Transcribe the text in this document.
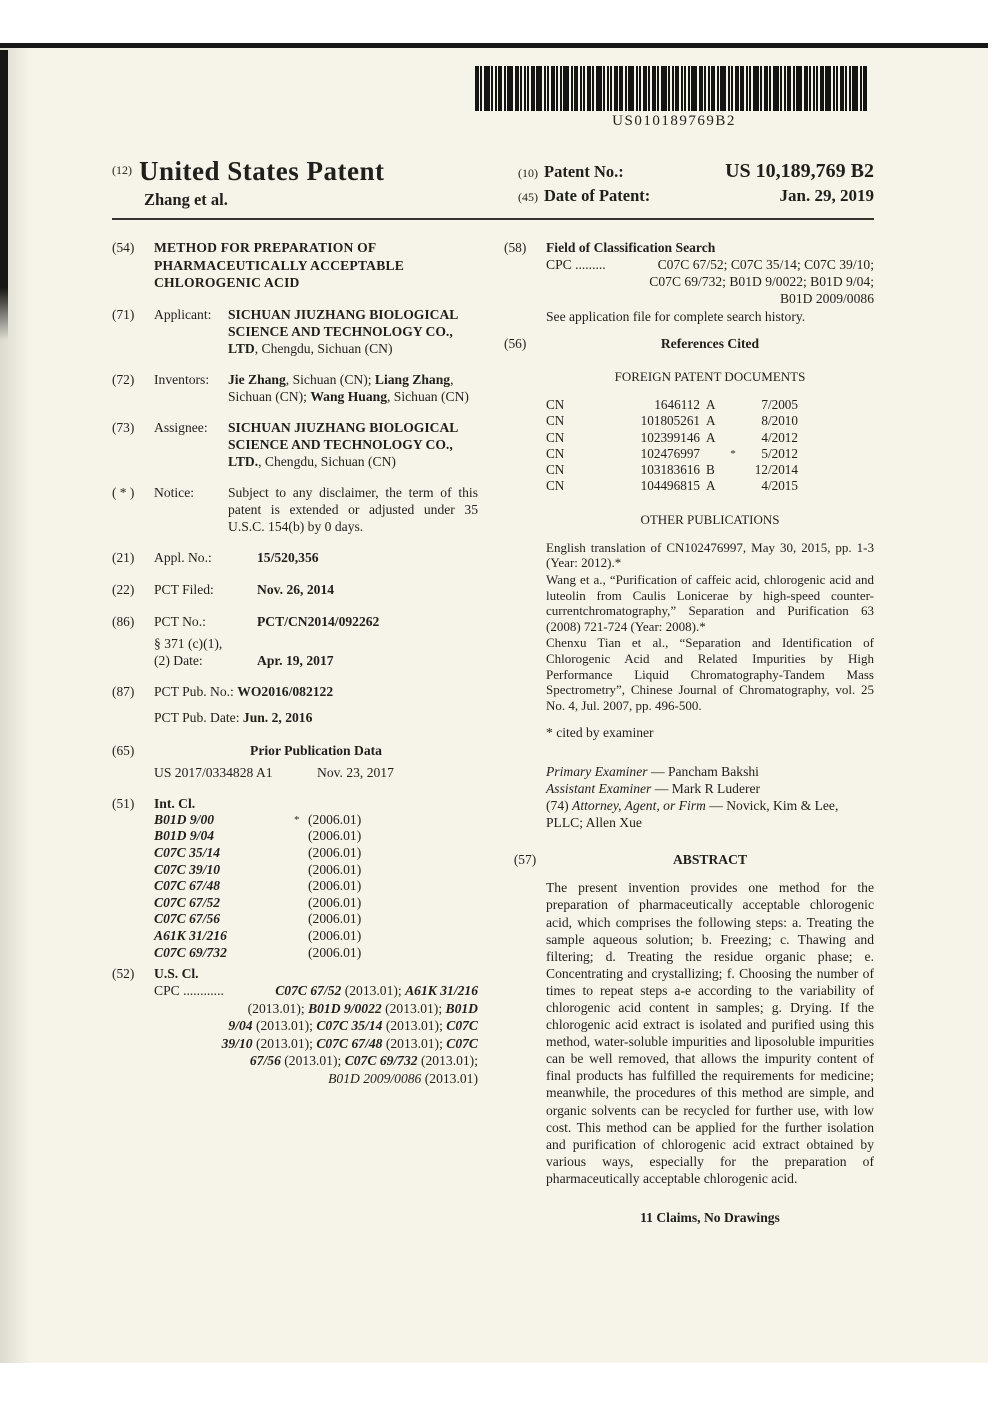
US010189769B2
$^{(12)}$ United States Patent
Zhang et al.
(10) Patent No.:	US 10,189,769 B2
(45) Date of Patent:	Jan. 29, 2019
(54)	METHOD FOR PREPARATION OF PHARMACEUTICALLY ACCEPTABLE CHLOROGENIC ACID
(71)	Applicant:	SICHUAN JIUZHANG BIOLOGICAL SCIENCE AND TECHNOLOGY CO., LTD, Chengdu, Sichuan (CN)
(72)	Inventors:	Jie Zhang, Sichuan (CN); Liang Zhang, Sichuan (CN); Wang Huang, Sichuan (CN)
(73)	Assignee:	SICHUAN JIUZHANG BIOLOGICAL SCIENCE AND TECHNOLOGY CO., LTD., Chengdu, Sichuan (CN)
( * )	Notice:	Subject to any disclaimer, the term of this patent is extended or adjusted under 35 U.S.C. 154(b) by 0 days.
(21)	Appl. No.:	15/520,356
(22)	PCT Filed:	Nov. 26, 2014
(86)	PCT No.:	PCT/CN2014/092262
§ 371 (c)(1),
(2) Date:	Apr. 19, 2017
(87)	PCT Pub. No.: WO2016/082122
PCT Pub. Date: Jun. 2, 2016
(65)	Prior Publication Data
US 2017/0334828 A1	Nov. 23, 2017
(51)	Int. Cl.
B01D 9/00	* (2006.01)
B01D 9/04	(2006.01)
C07C 35/14	(2006.01)
C07C 39/10	(2006.01)
C07C 67/48	(2006.01)
C07C 67/52	(2006.01)
C07C 67/56	(2006.01)
A61K 31/216	(2006.01)
C07C 69/732	(2006.01)
(52)	U.S. Cl.
CPC ............	C07C 67/52 (2013.01); A61K 31/216
(2013.01); B01D 9/0022 (2013.01); B01D
9/04 (2013.01); C07C 35/14 (2013.01); C07C
39/10 (2013.01); C07C 67/48 (2013.01); C07C
67/56 (2013.01); C07C 69/732 (2013.01);
B01D 2009/0086 (2013.01)
(58)	Field of Classification Search
CPC .........	C07C 67/52; C07C 35/14; C07C 39/10;
C07C 69/732; B01D 9/0022; B01D 9/04;
B01D 2009/0086
See application file for complete search history.
(56)	References Cited
FOREIGN PATENT DOCUMENTS
CN	1646112 A	7/2005
CN	101805261 A	8/2010
CN	102399146 A	4/2012
CN	102476997	*	5/2012
CN	103183616 B	12/2014
CN	104496815 A	4/2015
OTHER PUBLICATIONS

English translation of CN102476997, May 30, 2015, pp. 1-3 (Year: 2012).*

Wang et a., “Purification of caffeic acid, chlorogenic acid and luteolin from Caulis Lonicerae by high-speed counter-currentchromatography,” Separation and Purification 63 (2008) 721-724 (Year: 2008).*

Chenxu Tian et al., “Separation and Identification of Chlorogenic Acid and Related Impurities by High Performance Liquid Chromatography-Tandem Mass Spectrometry”, Chinese Journal of Chromatography, vol. 25 No. 4, Jul. 2007, pp. 496-500.

* cited by examiner
Primary Examiner — Pancham Bakshi
Assistant Examiner — Mark R Luderer
(74) Attorney, Agent, or Firm — Novick, Kim & Lee, PLLC; Allen Xue
(57)	ABSTRACT
The present invention provides one method for the preparation of pharmaceutically acceptable chlorogenic acid, which comprises the following steps: a. Treating the sample aqueous solution; b. Freezing; c. Thawing and filtering; d. Treating the residue organic phase; e. Concentrating and crystallizing; f. Choosing the number of times to repeat steps a-e according to the variability of chlorogenic acid content in samples; g. Drying. If the chlorogenic acid extract is isolated and purified using this method, water-soluble impurities and liposoluble impurities can be well removed, that allows the impurity content of final products has fulfilled the requirements for medicine; meanwhile, the procedures of this method are simple, and organic solvents can be recycled for further use, with low cost. This method can be applied for the further isolation and purification of chlorogenic acid extract obtained by various ways, especially for the preparation of pharmaceutically acceptable chlorogenic acid.
11 Claims, No Drawings
